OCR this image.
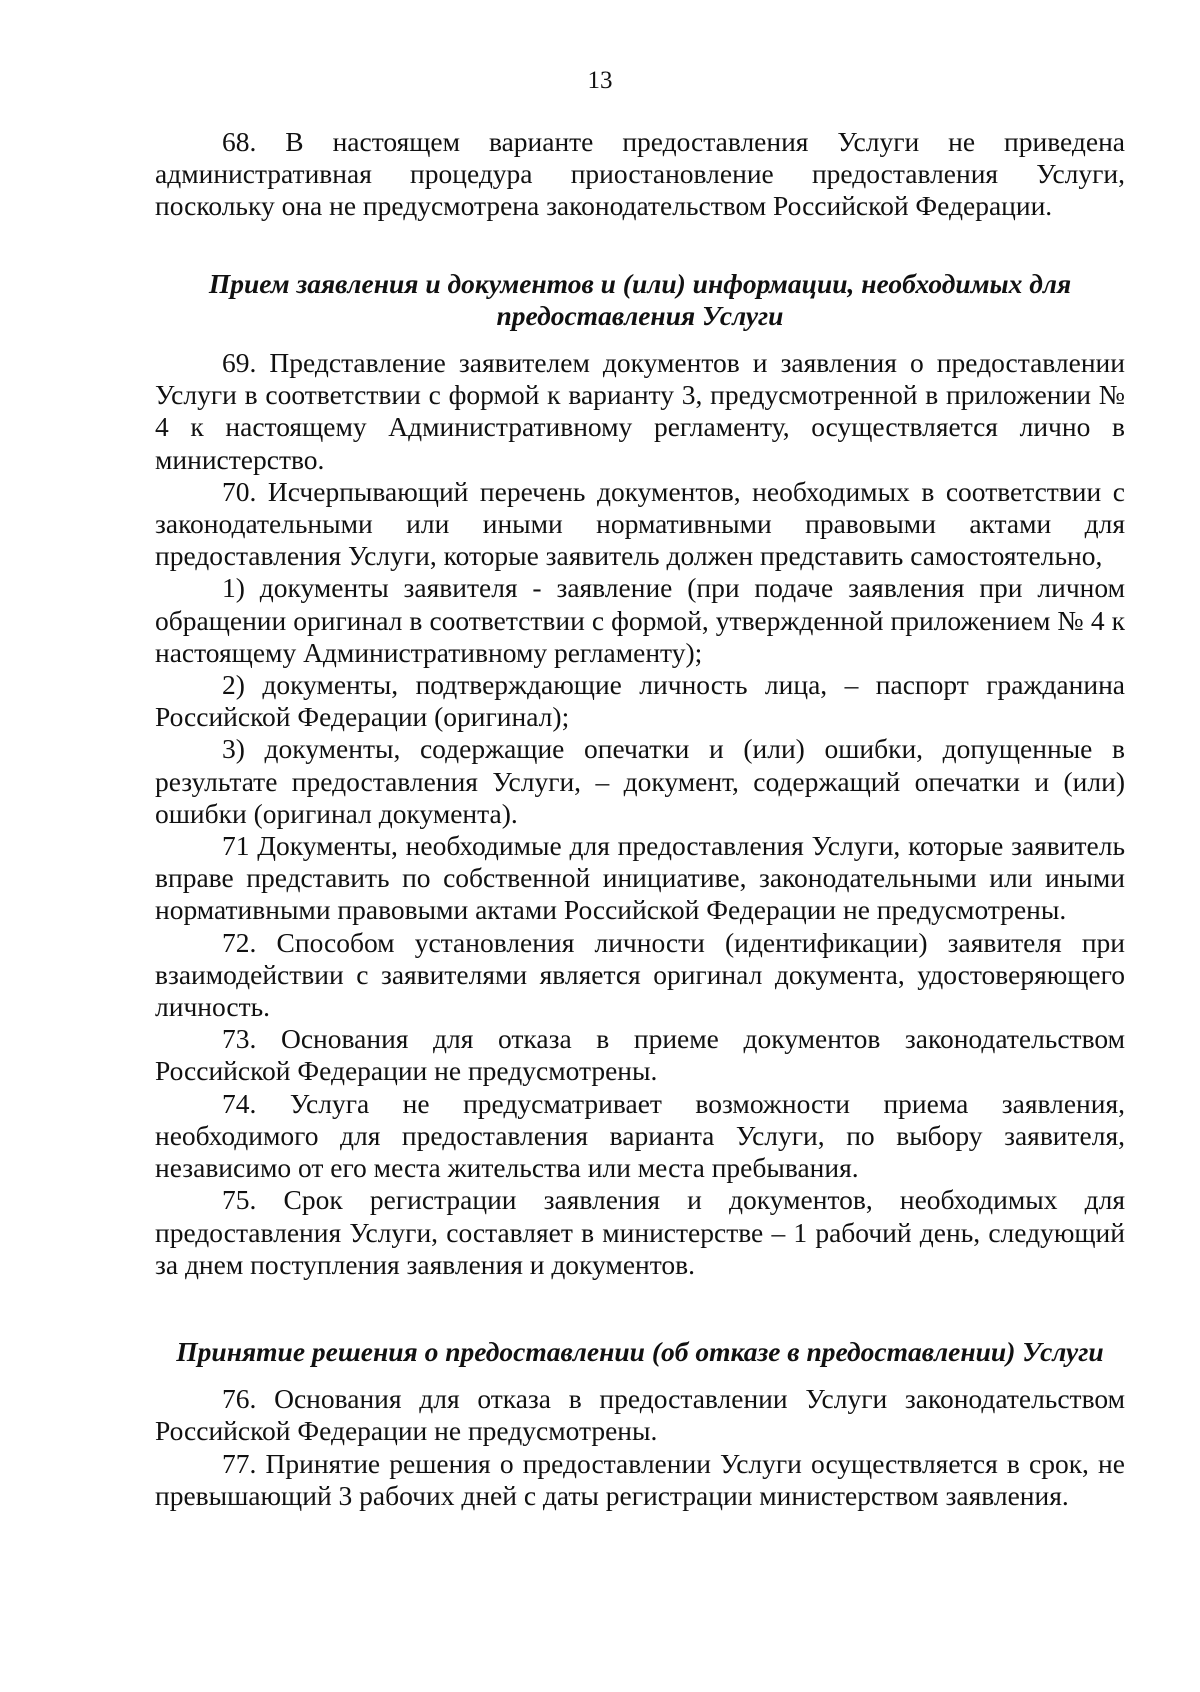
13

68. В настоящем варианте предоставления Услуги не приведена административная процедура приостановление предоставления Услуги, поскольку она не предусмотрена законодательством Российской Федерации.

Прием заявления и документов и (или) информации, необходимых для предоставления Услуги

69. Представление заявителем документов и заявления о предоставлении Услуги в соответствии с формой к варианту 3, предусмотренной в приложении № 4 к настоящему Административному регламенту, осуществляется лично в министерство.

70. Исчерпывающий перечень документов, необходимых в соответствии с законодательными или иными нормативными правовыми актами для предоставления Услуги, которые заявитель должен представить самостоятельно,

1) документы заявителя - заявление (при подаче заявления при личном обращении оригинал в соответствии с формой, утвержденной приложением № 4 к настоящему Административному регламенту);

2) документы, подтверждающие личность лица, – паспорт гражданина Российской Федерации (оригинал);

3) документы, содержащие опечатки и (или) ошибки, допущенные в результате предоставления Услуги, – документ, содержащий опечатки и (или) ошибки (оригинал документа).

71 Документы, необходимые для предоставления Услуги, которые заявитель вправе представить по собственной инициативе, законодательными или иными нормативными правовыми актами Российской Федерации не предусмотрены.

72. Способом установления личности (идентификации) заявителя при взаимодействии с заявителями является оригинал документа, удостоверяющего личность.

73. Основания для отказа в приеме документов законодательством Российской Федерации не предусмотрены.

74. Услуга не предусматривает возможности приема заявления, необходимого для предоставления варианта Услуги, по выбору заявителя, независимо от его места жительства или места пребывания.

75. Срок регистрации заявления и документов, необходимых для предоставления Услуги, составляет в министерстве – 1 рабочий день, следующий за днем поступления заявления и документов.

Принятие решения о предоставлении (об отказе в предоставлении) Услуги

76. Основания для отказа в предоставлении Услуги законодательством Российской Федерации не предусмотрены.

77. Принятие решения о предоставлении Услуги осуществляется в срок, не превышающий 3 рабочих дней с даты регистрации министерством заявления.
